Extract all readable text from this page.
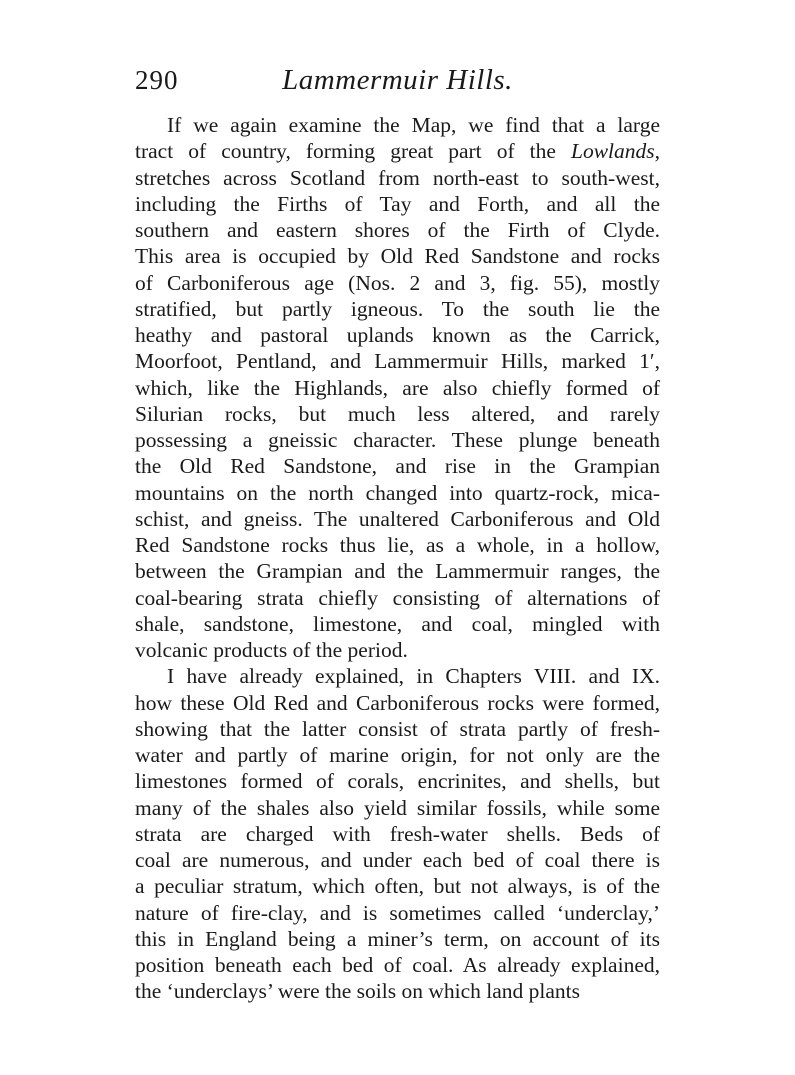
290	Lammermuir Hills.
If we again examine the Map, we find that a large
tract of country, forming great part of the Lowlands,
stretches across Scotland from north-east to south-west,
including the Firths of Tay and Forth, and all the
southern and eastern shores of the Firth of Clyde.
This area is occupied by Old Red Sandstone and rocks
of Carboniferous age (Nos. 2 and 3, fig. 55), mostly
stratified, but partly igneous. To the south lie the
heathy and pastoral uplands known as the Carrick,
Moorfoot, Pentland, and Lammermuir Hills, marked 1′,
which, like the Highlands, are also chiefly formed of
Silurian rocks, but much less altered, and rarely
possessing a gneissic character. These plunge beneath
the Old Red Sandstone, and rise in the Grampian
mountains on the north changed into quartz-rock, mica-
schist, and gneiss. The unaltered Carboniferous and Old
Red Sandstone rocks thus lie, as a whole, in a hollow,
between the Grampian and the Lammermuir ranges, the
coal-bearing strata chiefly consisting of alternations of
shale, sandstone, limestone, and coal, mingled with
volcanic products of the period.
I have already explained, in Chapters VIII. and IX.
how these Old Red and Carboniferous rocks were formed,
showing that the latter consist of strata partly of fresh-
water and partly of marine origin, for not only are the
limestones formed of corals, encrinites, and shells, but
many of the shales also yield similar fossils, while some
strata are charged with fresh-water shells. Beds of
coal are numerous, and under each bed of coal there is
a peculiar stratum, which often, but not always, is of the
nature of fire-clay, and is sometimes called ‘underclay,’
this in England being a miner’s term, on account of its
position beneath each bed of coal. As already explained,
the ‘underclays’ were the soils on which land plants
